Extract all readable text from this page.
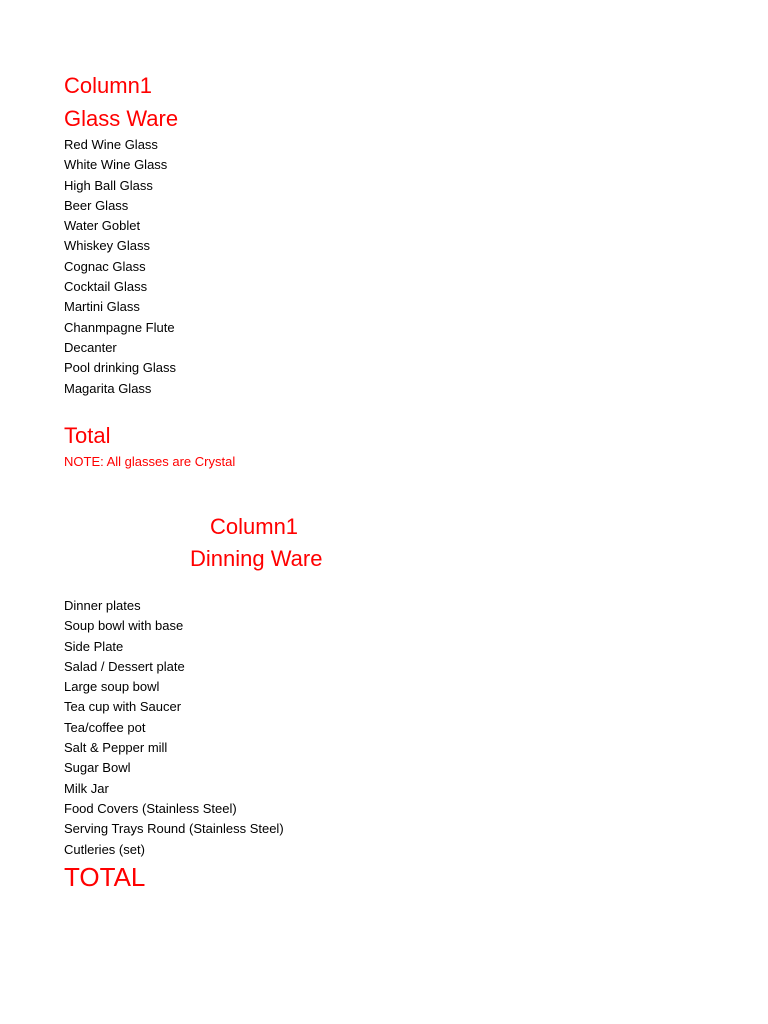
Column1
Glass Ware
Red Wine Glass
White Wine Glass
High Ball Glass
Beer Glass
Water Goblet
Whiskey Glass
Cognac Glass
Cocktail Glass
Martini Glass
Chanmpagne Flute
Decanter
Pool drinking Glass
Magarita Glass
Total
NOTE: All glasses are Crystal
Column1
Dinning Ware
Dinner plates
Soup bowl with base
Side Plate
Salad / Dessert plate
Large soup bowl
Tea cup with Saucer
Tea/coffee pot
Salt & Pepper mill
Sugar Bowl
Milk Jar
Food Covers (Stainless Steel)
Serving Trays Round (Stainless Steel)
Cutleries (set)
TOTAL
